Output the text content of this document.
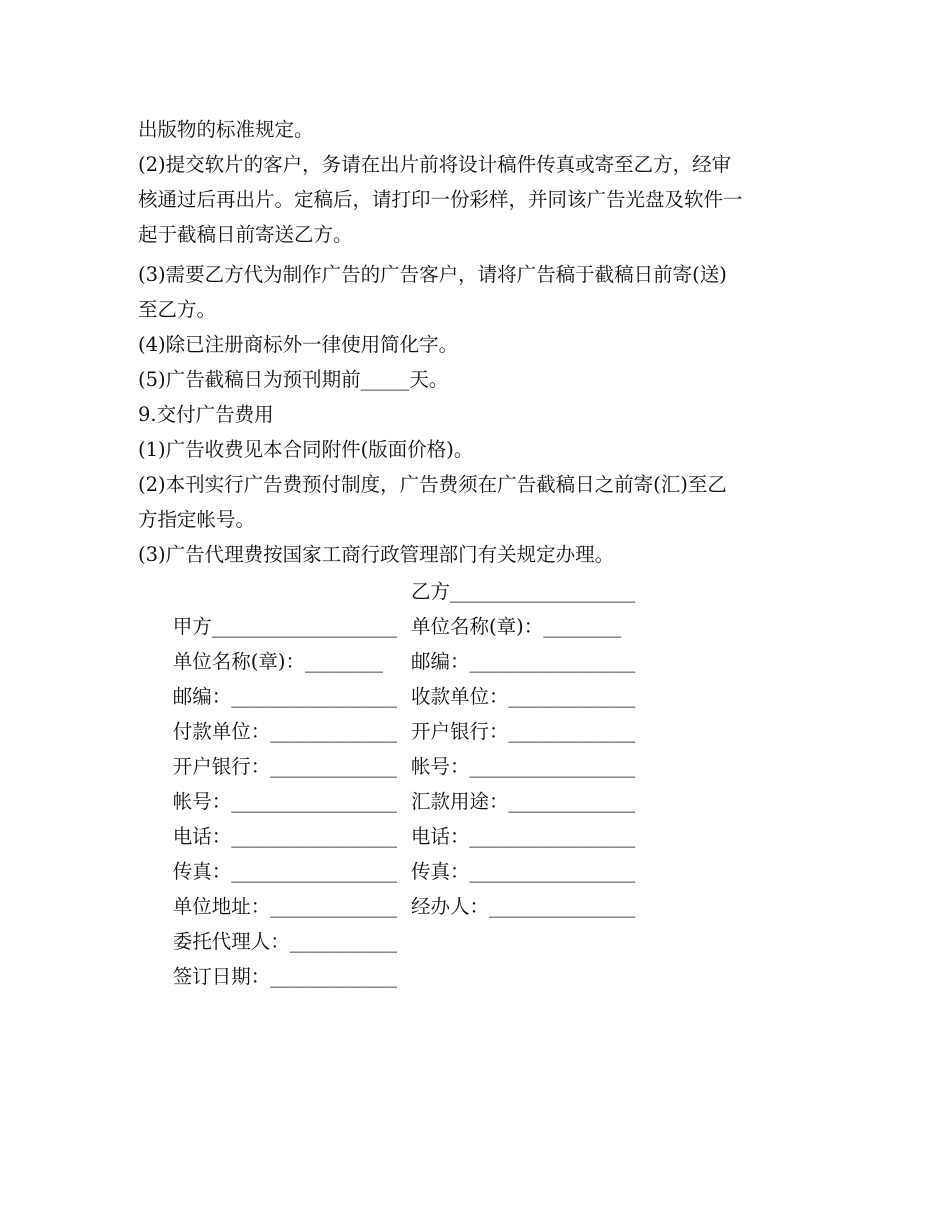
出版物的标准规定。
(2)提交软片的客户，务请在出片前将设计稿件传真或寄至乙方，经审
核通过后再出片。定稿后，请打印一份彩样，并同该广告光盘及软件一
起于截稿日前寄送乙方。
(3)需要乙方代为制作广告的广告客户，请将广告稿于截稿日前寄(送)
至乙方。
(4)除已注册商标外一律使用简化字。
(5)广告截稿日为预刊期前_____天。
9.交付广告费用
(1)广告收费见本合同附件(版面价格)。
(2)本刊实行广告费预付制度，广告费须在广告截稿日之前寄(汇)至乙
方指定帐号。
(3)广告代理费按国家工商行政管理部门有关规定办理。

甲方___________________

乙方___________________

单位名称(章)：________

单位名称(章)：________

邮编：_________________

邮编：_________________

付款单位：_____________

收款单位：_____________

开户银行：_____________

开户银行：_____________

帐号：_________________

帐号：_________________

电话：_________________

汇款用途：_____________

传真：_________________

电话：_________________

单位地址：_____________

传真：_________________

委托代理人：___________

经办人：_______________

签订日期：_____________
